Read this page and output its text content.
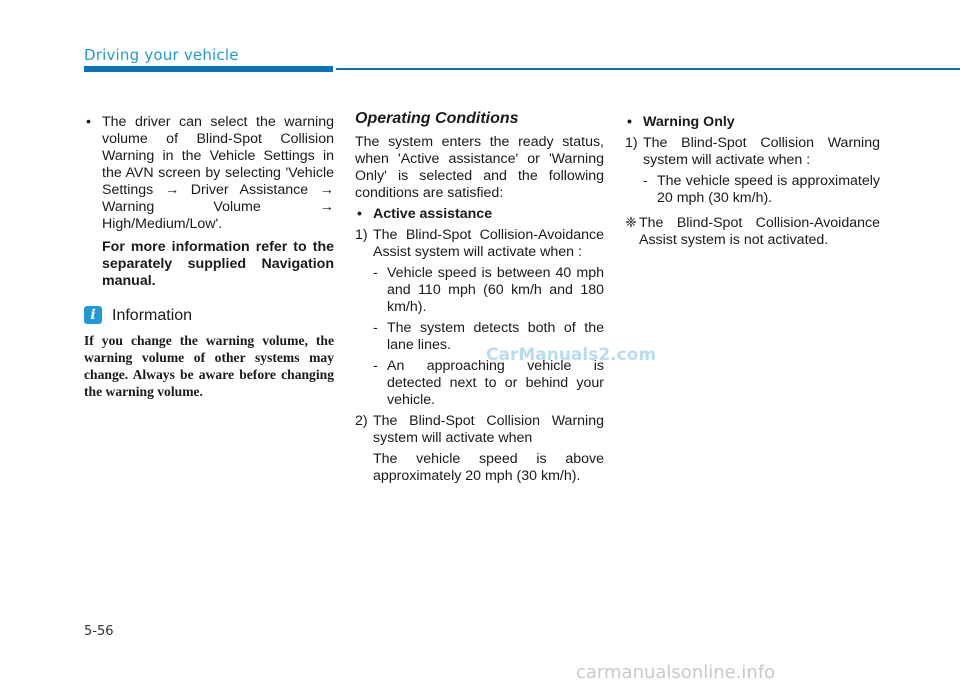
Driving your vehicle
• The driver can select the warning volume of Blind-Spot Collision Warning in the Vehicle Settings in the AVN screen by selecting 'Vehicle Settings → Driver Assistance → Warning Volume → High/Medium/Low'.
For more information refer to the separately supplied Navigation manual.
i	Information
If you change the warning volume, the warning volume of other systems may change. Always be aware before changing the warning volume.
Operating Conditions
The system enters the ready status, when 'Active assistance' or 'Warning Only' is selected and the following conditions are satisfied:
• Active assistance
1) The Blind-Spot Collision-Avoidance Assist system will activate when :
- Vehicle speed is between 40 mph and 110 mph (60 km/h and 180 km/h).
- The system detects both of the lane lines.
- An approaching vehicle is detected next to or behind your vehicle.
2) The Blind-Spot Collision Warning system will activate when
The vehicle speed is above approximately 20 mph (30 km/h).
• Warning Only
1) The Blind-Spot Collision Warning system will activate when :
- The vehicle speed is approximately 20 mph (30 km/h).
❈ The Blind-Spot Collision-Avoidance Assist system is not activated.
CarManuals2.com
5-56
carmanualsonline.info
